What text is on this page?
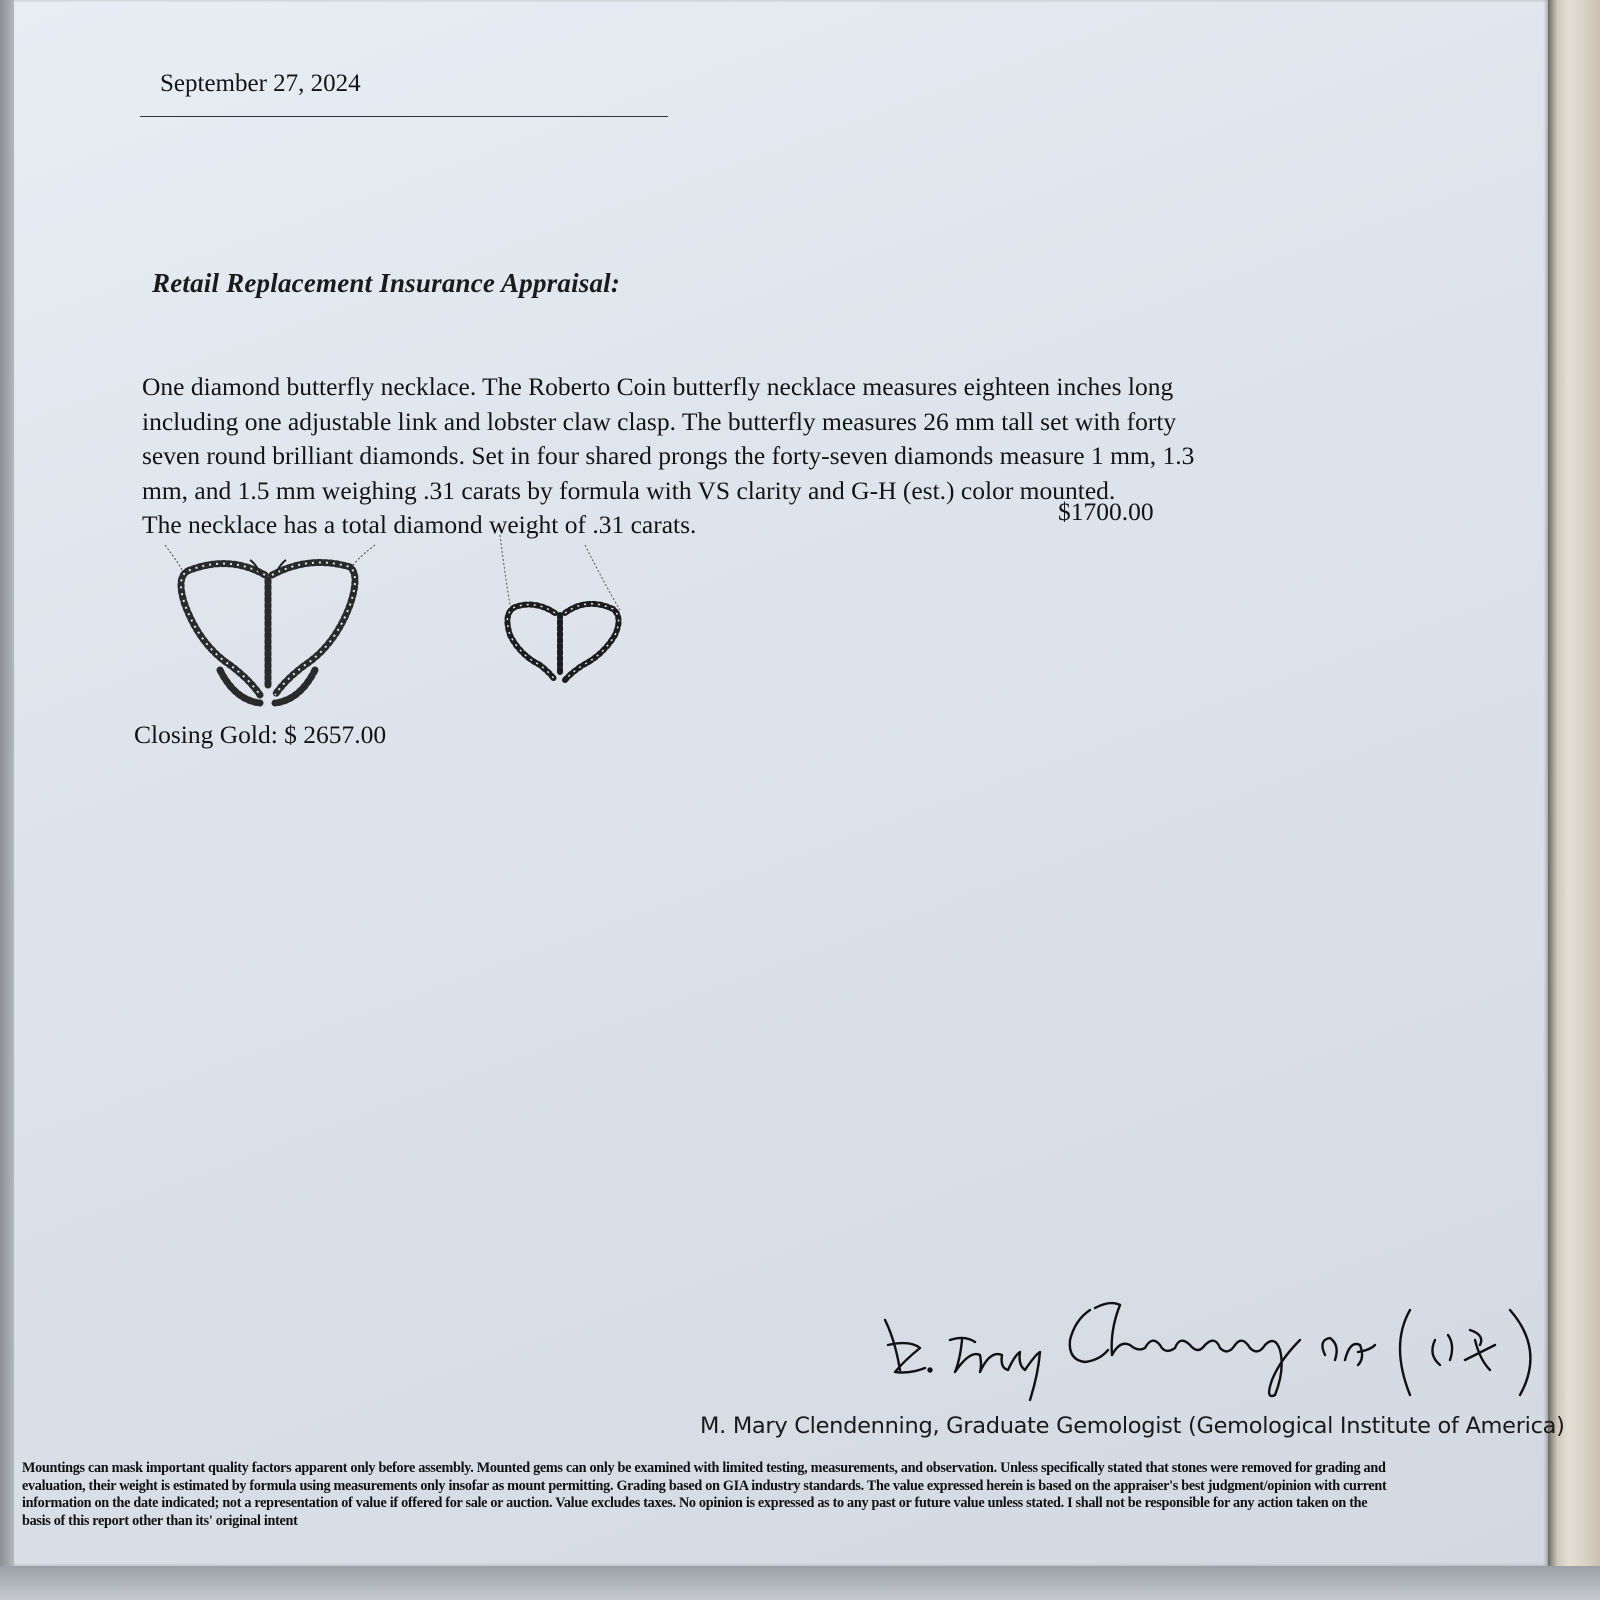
September 27, 2024
Retail Replacement Insurance Appraisal:
One diamond butterfly necklace. The Roberto Coin butterfly necklace measures eighteen inches long
including one adjustable link and lobster claw clasp. The butterfly measures 26 mm tall set with forty
seven round brilliant diamonds. Set in four shared prongs the forty-seven diamonds measure 1 mm, 1.3
mm, and 1.5 mm weighing .31 carats by formula with VS clarity and G-H (est.) color mounted.
The necklace has a total diamond weight of .31 carats.	$1700.00
Closing Gold: $ 2657.00
M. Mary Clendenning, Graduate Gemologist (Gemological Institute of America)
Mountings can mask important quality factors apparent only before assembly. Mounted gems can only be examined with limited testing, measurements, and observation. Unless specifically stated that stones were removed for grading and
evaluation, their weight is estimated by formula using measurements only insofar as mount permitting. Grading based on GIA industry standards. The value expressed herein is based on the appraiser's best judgment/opinion with current
information on the date indicated; not a representation of value if offered for sale or auction. Value excludes taxes. No opinion is expressed as to any past or future value unless stated. I shall not be responsible for any action taken on the
basis of this report other than its' original intent
